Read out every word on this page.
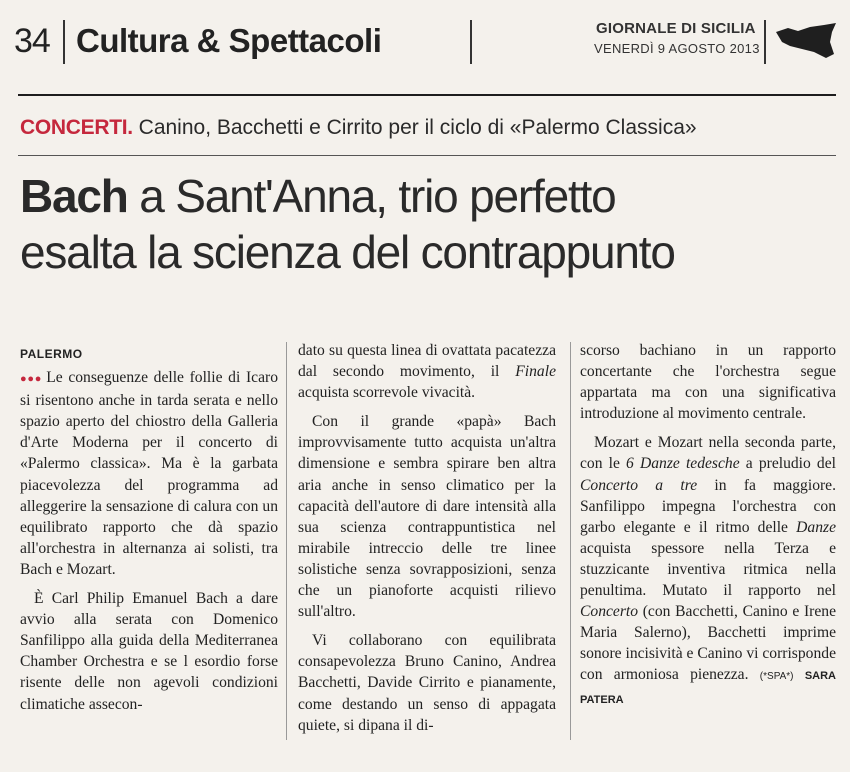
34 Cultura & Spettacoli	GIORNALE DI SICILIA
VENERDÌ 9 AGOSTO 2013
CONCERTI. Canino, Bacchetti e Cirrito per il ciclo di «Palermo Classica»
Bach a Sant'Anna, trio perfetto
esalta la scienza del contrappunto
PALERMO

●●● Le conseguenze delle follie di Icaro si risentono anche in tarda serata e nello spazio aperto del chiostro della Galleria d'Arte Moderna per il concerto di «Palermo classica». Ma è la garbata piacevolezza del programma ad alleggerire la sensazione di calura con un equilibrato rapporto che dà spazio all'orchestra in alternanza ai solisti, tra Bach e Mozart.

È Carl Philip Emanuel Bach a dare avvio alla serata con Domenico Sanfilippo alla guida della Mediterranea Chamber Orchestra e se l esordio forse risente delle non agevoli condizioni climatiche assecon-

dato su questa linea di ovattata pacatezza dal secondo movimento, il Finale acquista scorrevole vivacità.

Con il grande «papà» Bach improvvisamente tutto acquista un'altra dimensione e sembra spirare ben altra aria anche in senso climatico per la capacità dell'autore di dare intensità alla sua scienza contrappuntistica nel mirabile intreccio delle tre linee solistiche senza sovrapposizioni, senza che un pianoforte acquisti rilievo sull'altro.

Vi collaborano con equilibrata consapevolezza Bruno Canino, Andrea Bacchetti, Davide Cirrito e pianamente, come destando un senso di appagata quiete, si dipana il di-

scorso bachiano in un rapporto concertante che l'orchestra segue appartata ma con una significativa introduzione al movimento centrale.

Mozart e Mozart nella seconda parte, con le 6 Danze tedesche a preludio del Concerto a tre in fa maggiore. Sanfilippo impegna l'orchestra con garbo elegante e il ritmo delle Danze acquista spessore nella Terza e stuzzicante inventiva ritmica nella penultima. Mutato il rapporto nel Concerto (con Bacchetti, Canino e Irene Maria Salerno), Bacchetti imprime sonore incisività e Canino vi corrisponde con armoniosa pienezza. (*SPA*) SARA PATERA
